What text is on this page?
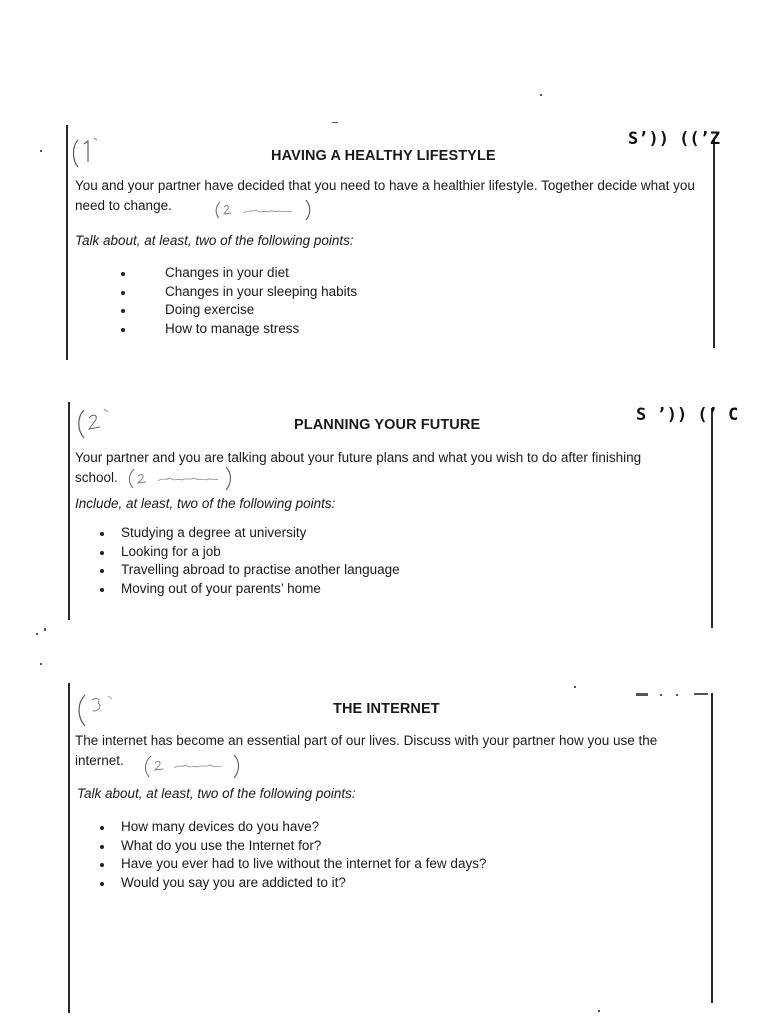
S’)) ((’Z
HAVING A HEALTHY LIFESTYLE
You and your partner have decided that you need to have a healthier lifestyle. Together decide what you need to change.
Talk about, at least, two of the following points:
Changes in your diet
Changes in your sleeping habits
Doing exercise
How to manage stress
S ’)) (’ C
PLANNING YOUR FUTURE
Your partner and you are talking about your future plans and what you wish to do after finishing school.
Include, at least, two of the following points:
Studying a degree at university
Looking for a job
Travelling abroad to practise another language
Moving out of your parents’ home
THE INTERNET
The internet has become an essential part of our lives. Discuss with your partner how you use the internet.
Talk about, at least, two of the following points:
How many devices do you have?
What do you use the Internet for?
Have you ever had to live without the internet for a few days?
Would you say you are addicted to it?
